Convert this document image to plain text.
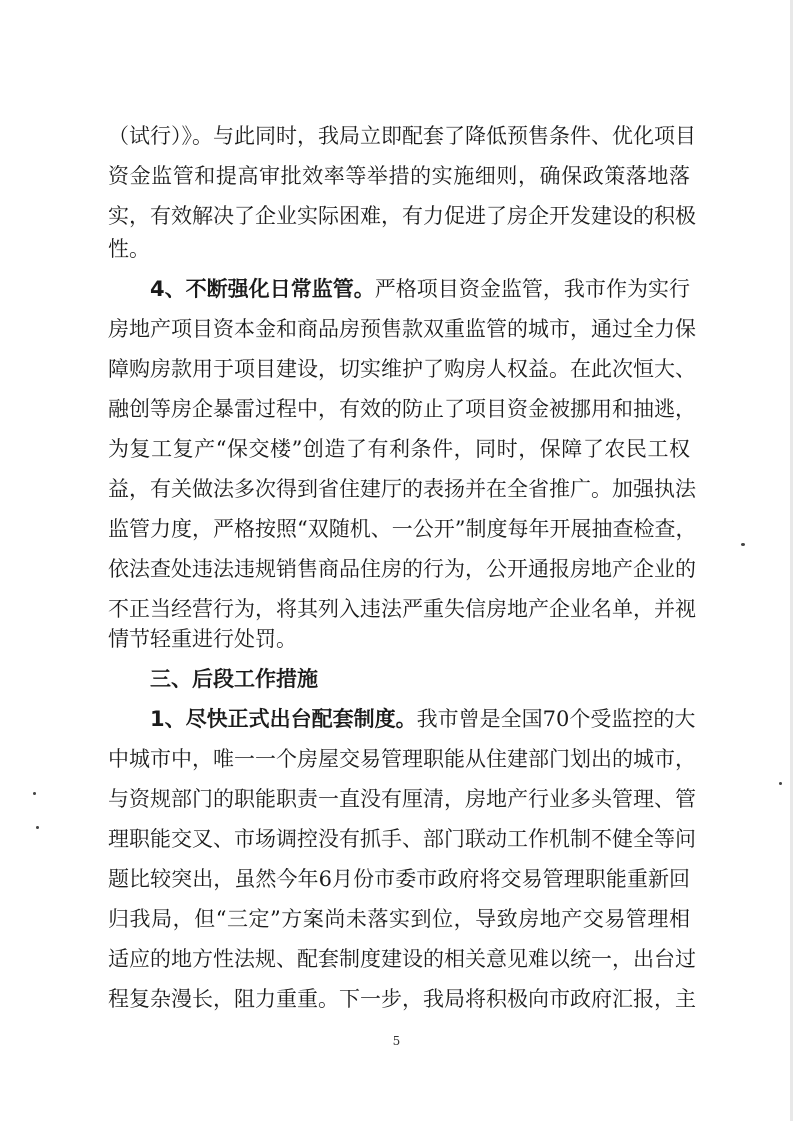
（试行）》。与此同时，我局立即配套了降低预售条件、优化项目
资金监管和提高审批效率等举措的实施细则，确保政策落地落
实，有效解决了企业实际困难，有力促进了房企开发建设的积极
性。
4、不断强化日常监管。严格项目资金监管，我市作为实行
房地产项目资本金和商品房预售款双重监管的城市，通过全力保
障购房款用于项目建设，切实维护了购房人权益。在此次恒大、
融创等房企暴雷过程中，有效的防止了项目资金被挪用和抽逃，
为复工复产“保交楼”创造了有利条件，同时，保障了农民工权
益，有关做法多次得到省住建厅的表扬并在全省推广。加强执法
监管力度，严格按照“双随机、一公开”制度每年开展抽查检查，
依法查处违法违规销售商品住房的行为，公开通报房地产企业的
不正当经营行为，将其列入违法严重失信房地产企业名单，并视
情节轻重进行处罚。
三、后段工作措施
1、尽快正式出台配套制度。我市曾是全国70个受监控的大
中城市中，唯一一个房屋交易管理职能从住建部门划出的城市，
与资规部门的职能职责一直没有厘清，房地产行业多头管理、管
理职能交叉、市场调控没有抓手、部门联动工作机制不健全等问
题比较突出，虽然今年6月份市委市政府将交易管理职能重新回
归我局，但“三定”方案尚未落实到位，导致房地产交易管理相
适应的地方性法规、配套制度建设的相关意见难以统一，出台过
程复杂漫长，阻力重重。下一步，我局将积极向市政府汇报，主
5
